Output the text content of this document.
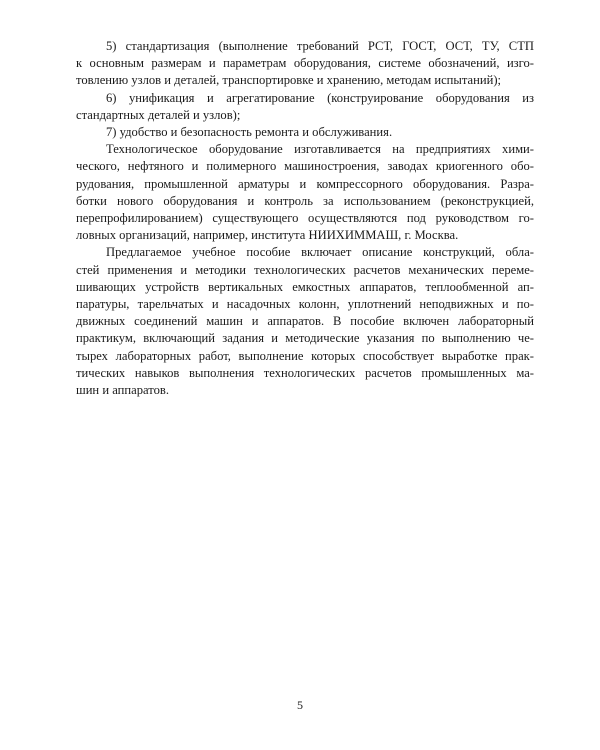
5) стандартизация (выполнение требований РСТ, ГОСТ, ОСТ, ТУ, СТП
к основным размерам и параметрам оборудования, системе обозначений, изго-
товлению узлов и деталей, транспортировке и хранению, методам испытаний);

6) унификация и агрегатирование (конструирование оборудования из
стандартных деталей и узлов);

7) удобство и безопасность ремонта и обслуживания.

Технологическое оборудование изготавливается на предприятиях хими-
ческого, нефтяного и полимерного машиностроения, заводах криогенного обо-
рудования, промышленной арматуры и компрессорного оборудования. Разра-
ботки нового оборудования и контроль за использованием (реконструкцией,
перепрофилированием) существующего осуществляются под руководством го-
ловных организаций, например, института НИИХИММАШ, г. Москва.

Предлагаемое учебное пособие включает описание конструкций, обла-
стей применения и методики технологических расчетов механических переме-
шивающих устройств вертикальных емкостных аппаратов, теплообменной ап-
паратуры, тарельчатых и насадочных колонн, уплотнений неподвижных и по-
движных соединений машин и аппаратов. В пособие включен лабораторный
практикум, включающий задания и методические указания по выполнению че-
тырех лабораторных работ, выполнение которых способствует выработке прак-
тических навыков выполнения технологических расчетов промышленных ма-
шин и аппаратов.

5
